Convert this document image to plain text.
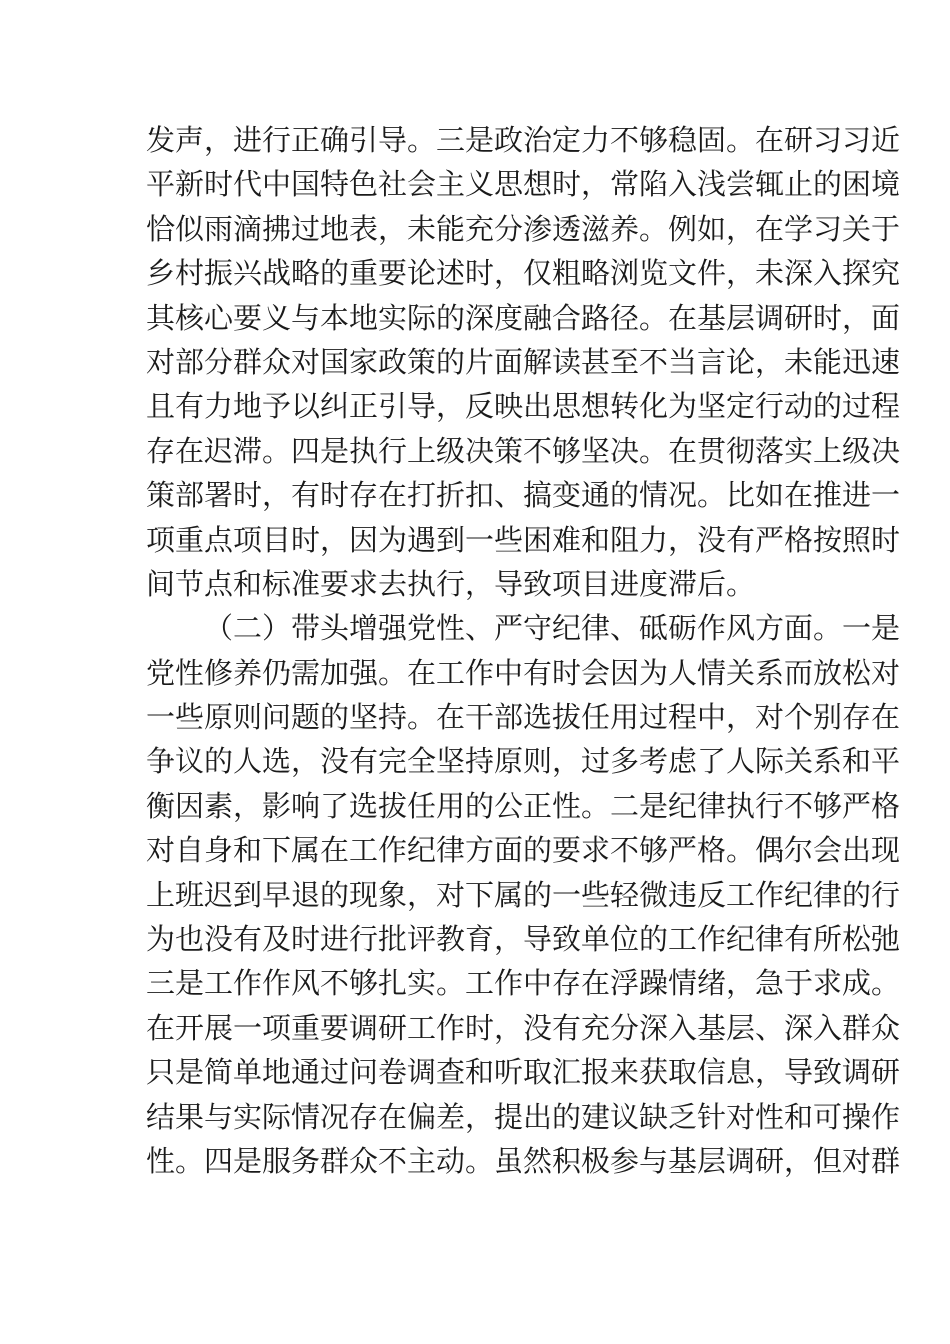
发声，进行正确引导。三是政治定力不够稳固。在研习习近
平新时代中国特色社会主义思想时，常陷入浅尝辄止的困境
恰似雨滴拂过地表，未能充分渗透滋养。例如，在学习关于
乡村振兴战略的重要论述时，仅粗略浏览文件，未深入探究
其核心要义与本地实际的深度融合路径。在基层调研时，面
对部分群众对国家政策的片面解读甚至不当言论，未能迅速
且有力地予以纠正引导，反映出思想转化为坚定行动的过程
存在迟滞。四是执行上级决策不够坚决。在贯彻落实上级决
策部署时，有时存在打折扣、搞变通的情况。比如在推进一
项重点项目时，因为遇到一些困难和阻力，没有严格按照时
间节点和标准要求去执行，导致项目进度滞后。
（二）带头增强党性、严守纪律、砥砺作风方面。一是
党性修养仍需加强。在工作中有时会因为人情关系而放松对
一些原则问题的坚持。在干部选拔任用过程中，对个别存在
争议的人选，没有完全坚持原则，过多考虑了人际关系和平
衡因素，影响了选拔任用的公正性。二是纪律执行不够严格
对自身和下属在工作纪律方面的要求不够严格。偶尔会出现
上班迟到早退的现象，对下属的一些轻微违反工作纪律的行
为也没有及时进行批评教育，导致单位的工作纪律有所松弛
三是工作作风不够扎实。工作中存在浮躁情绪，急于求成。
在开展一项重要调研工作时，没有充分深入基层、深入群众
只是简单地通过问卷调查和听取汇报来获取信息，导致调研
结果与实际情况存在偏差，提出的建议缺乏针对性和可操作
性。四是服务群众不主动。虽然积极参与基层调研，但对群
